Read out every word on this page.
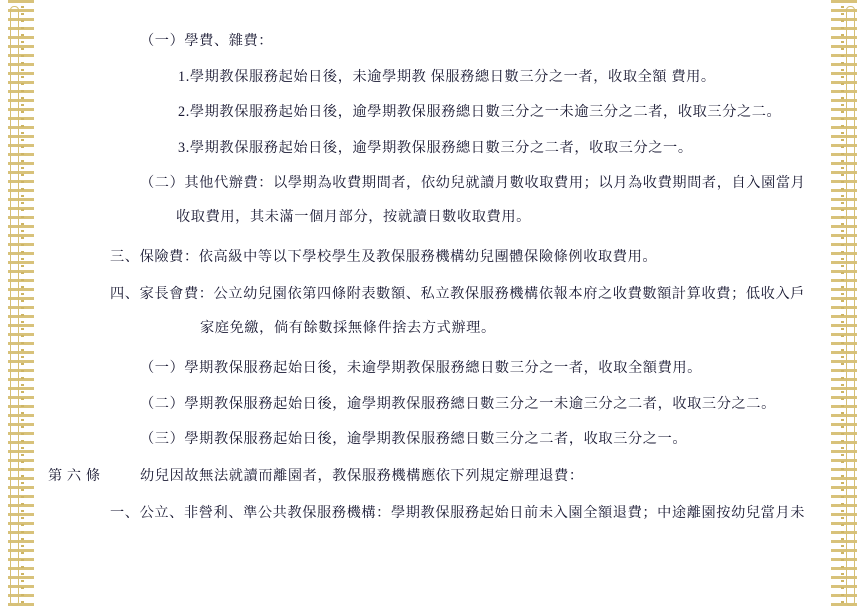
（一）學費、雜費：

1.學期教保服務起始日後，未逾學期教 保服務總日數三分之一者，收取全額 費用。

2.學期教保服務起始日後，逾學期教保服務總日數三分之一未逾三分之二者，收取三分之二。

3.學期教保服務起始日後，逾學期教保服務總日數三分之二者，收取三分之一。

（二）其他代辦費：以學期為收費期間者，依幼兒就讀月數收取費用；以月為收費期間者，自入園當月

收取費用，其未滿一個月部分，按就讀日數收取費用。

三、保險費：依高級中等以下學校學生及教保服務機構幼兒團體保險條例收取費用。

四、家長會費：公立幼兒園依第四條附表數額、私立教保服務機構依報本府之收費數額計算收費；低收入戶

家庭免繳，倘有餘數採無條件捨去方式辦理。

（一）學期教保服務起始日後，未逾學期教保服務總日數三分之一者，收取全額費用。

（二）學期教保服務起始日後，逾學期教保服務總日數三分之一未逾三分之二者，收取三分之二。

（三）學期教保服務起始日後，逾學期教保服務總日數三分之二者，收取三分之一。

第 六 條	幼兒因故無法就讀而離園者，教保服務機構應依下列規定辦理退費：

一、公立、非營利、準公共教保服務機構：學期教保服務起始日前未入園全額退費；中途離園按幼兒當月未
